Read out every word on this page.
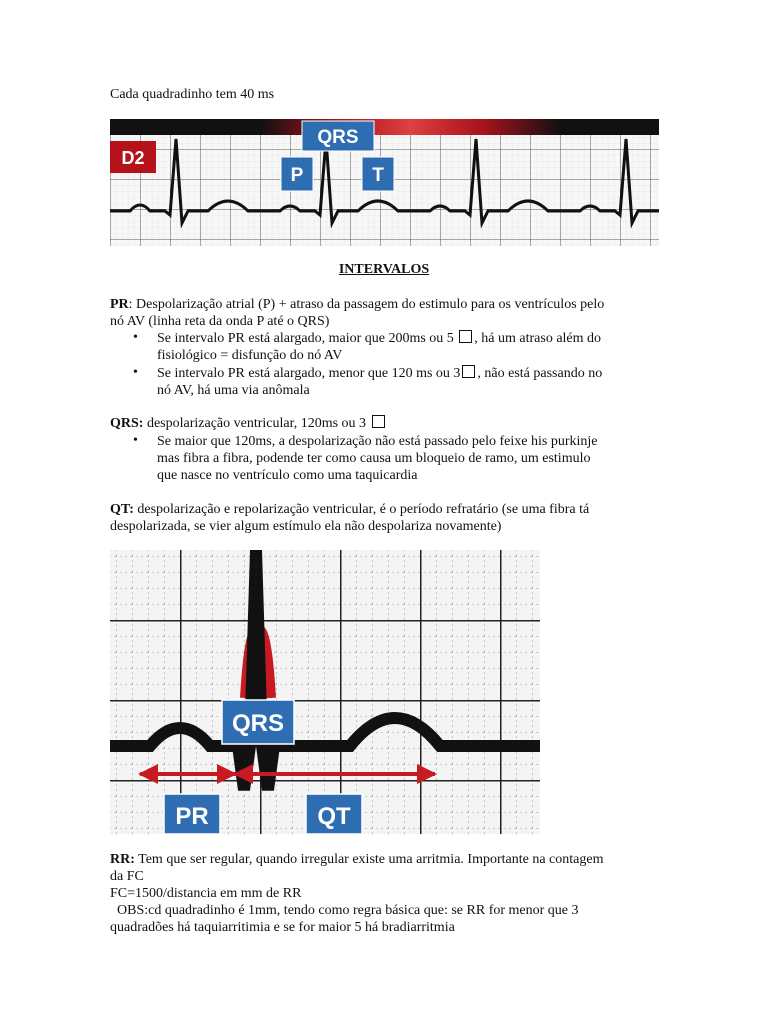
Cada quadradinho tem 40 ms
D2
QRS
P	T
INTERVALOS
PR: Despolarização atrial (P) + atraso da passagem do estimulo para os ventrículos pelo
nó AV (linha reta da onda P até o QRS)
• Se intervalo PR está alargado, maior que 200ms ou 5 , há um atraso além do
fisiológico = disfunção do nó AV
• Se intervalo PR está alargado, menor que 120 ms ou 3 , não está passando no
nó AV, há uma via anômala
QRS: despolarização ventricular, 120ms ou 3
• Se maior que 120ms, a despolarização não está passado pelo feixe his purkinje
mas fibra a fibra, podende ter como causa um bloqueio de ramo, um estimulo
que nasce no ventrículo como uma taquicardia
QT: despolarização e repolarização ventricular, é o período refratário (se uma fibra tá
despolarizada, se vier algum estímulo ela não despolariza novamente)
QRS
PR	QT
RR: Tem que ser regular, quando irregular existe uma arritmia. Importante na contagem
da FC
FC=1500/distancia em mm de RR
OBS:cd quadradinho é 1mm, tendo como regra básica que: se RR for menor que 3
quadradões há taquiarritimia e se for maior 5 há bradiarritmia
